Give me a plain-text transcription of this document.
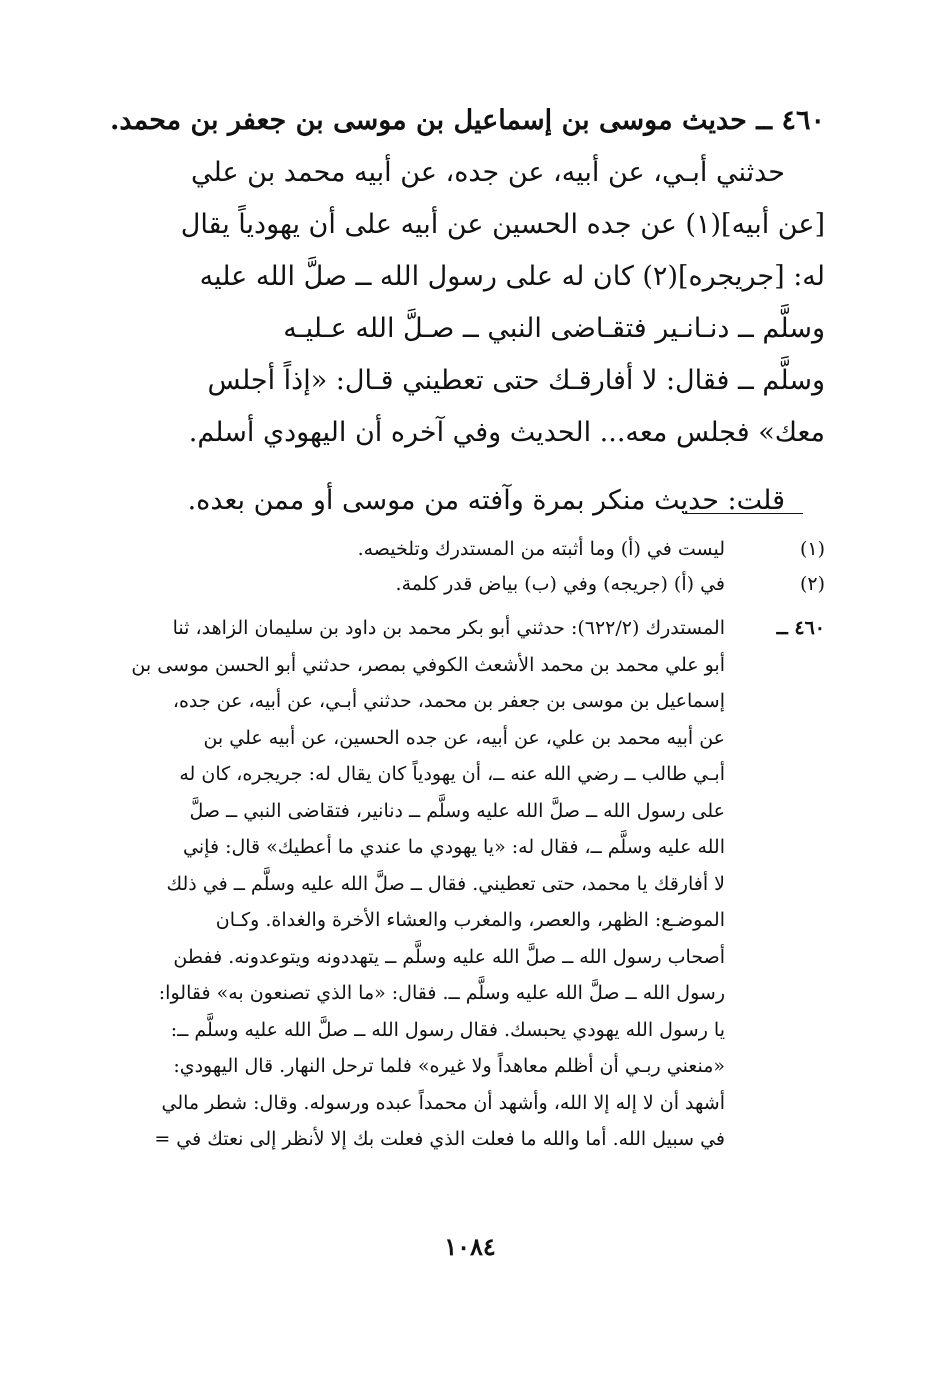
٤٦٠ ــ حديث موسى بن إسماعيل بن موسى بن جعفر بن محمد.
حدثني أبـي، عن أبيه، عن جده، عن أبيه محمد بن علي
[عن أبيه](١) عن جده الحسين عن أبيه على أن يهودياً يقال
له: [جريجره](٢) كان له على رسول الله ــ صلَّ الله عليه
وسلَّم ــ دنـانـير فتقـاضى النبي ــ صـلَّ الله عـليـه
وسلَّم ــ فقال: لا أفارقـك حتى تعطيني قـال: «إذاً أجلس
معك» فجلس معه... الحديث وفي آخره أن اليهودي أسلم.
قلت: حديث منكر بمرة وآفته من موسى أو ممن بعده.
(١)
ليست في (أ) وما أثبته من المستدرك وتلخيصه.
(٢)
في (أ) (جريجه) وفي (ب) بياض قدر كلمة.
٤٦٠ ــ
المستدرك (٦٢٢/٢): حدثني أبو بكر محمد بن داود بن سليمان الزاهد، ثنا
أبو علي محمد بن محمد الأشعث الكوفي بمصر، حدثني أبو الحسن موسى بن
إسماعيل بن موسى بن جعفر بن محمد، حدثني أبـي، عن أبيه، عن جده،
عن أبيه محمد بن علي، عن أبيه، عن جده الحسين، عن أبيه علي بن
أبـي طالب ــ رضي الله عنه ــ، أن يهودياً كان يقال له: جريجره، كان له
على رسول الله ــ صلَّ الله عليه وسلَّم ــ دنانير، فتقاضى النبي ــ صلَّ
الله عليه وسلَّم ــ، فقال له: «يا يهودي ما عندي ما أعطيك» قال: فإني
لا أفارقك يا محمد، حتى تعطيني. فقال ــ صلَّ الله عليه وسلَّم ــ في ذلك
الموضـع: الظهر، والعصر، والمغرب والعشاء الأخرة والغداة. وكـان
أصحاب رسول الله ــ صلَّ الله عليه وسلَّم ــ يتهددونه ويتوعدونه. ففطن
رسول الله ــ صلَّ الله عليه وسلَّم ــ. فقال: «ما الذي تصنعون به» فقالوا:
يا رسول الله يهودي يحبسك. فقال رسول الله ــ صلَّ الله عليه وسلَّم ــ:
«منعني ربـي أن أظلم معاهداً ولا غيره» فلما ترحل النهار. قال اليهودي:
أشهد أن لا إله إلا الله، وأشهد أن محمداً عبده ورسوله. وقال: شطر مالي
في سبيل الله. أما والله ما فعلت الذي فعلت بك إلا لأنظر إلى نعتك في =
١٠٨٤
